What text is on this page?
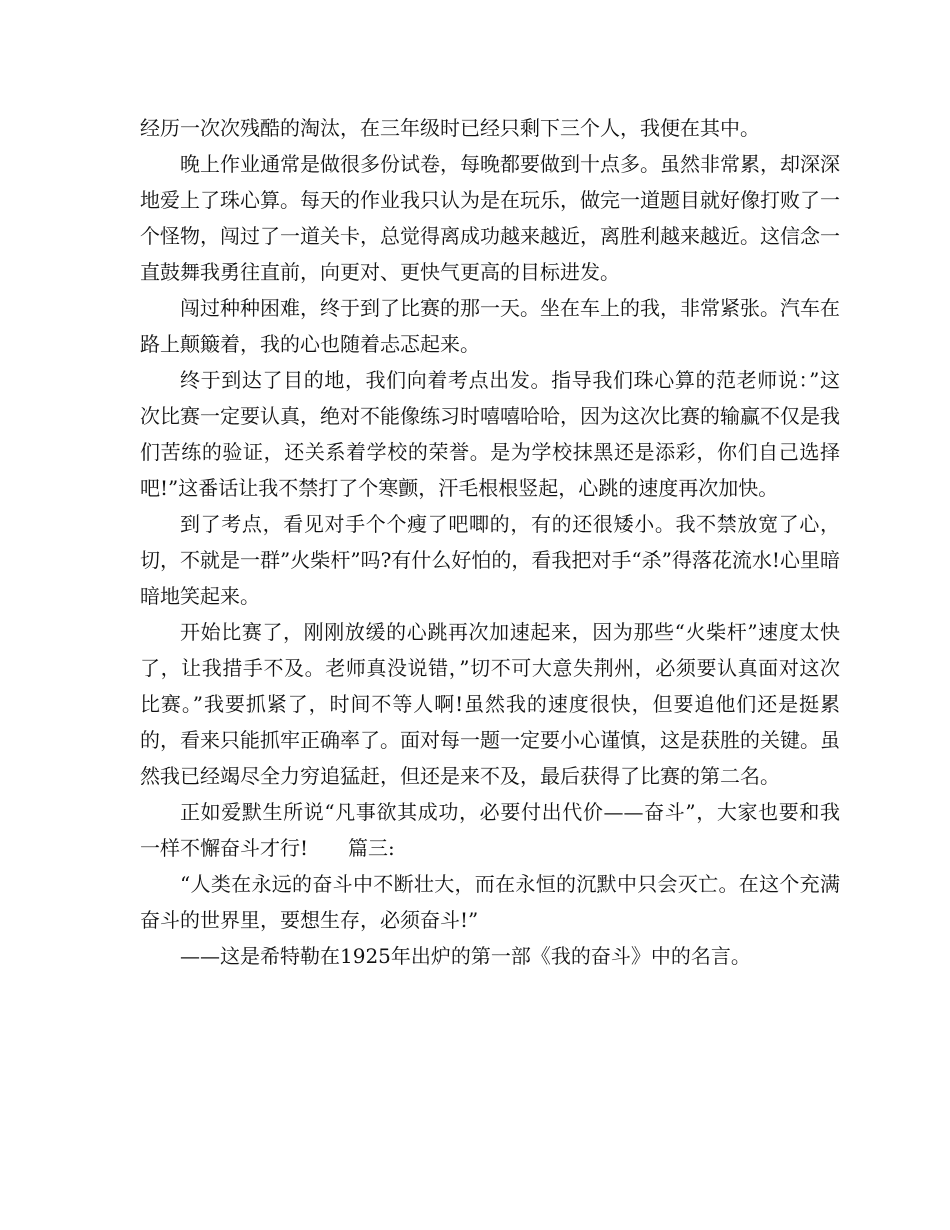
经历一次次残酷的淘汰，在三年级时已经只剩下三个人，我便在其中。

晚上作业通常是做很多份试卷，每晚都要做到十点多。虽然非常累，却深深地爱上了珠心算。每天的作业我只认为是在玩乐，做完一道题目就好像打败了一个怪物，闯过了一道关卡，总觉得离成功越来越近，离胜利越来越近。这信念一直鼓舞我勇往直前，向更对、更快气更高的目标进发。

闯过种种困难，终于到了比赛的那一天。坐在车上的我，非常紧张。汽车在路上颠簸着，我的心也随着忐忑起来。

终于到达了目的地，我们向着考点出发。指导我们珠心算的范老师说：”这次比赛一定要认真，绝对不能像练习时嘻嘻哈哈，因为这次比赛的输赢不仅是我们苦练的验证，还关系着学校的荣誉。是为学校抹黑还是添彩，你们自己选择吧!”这番话让我不禁打了个寒颤，汗毛根根竖起，心跳的速度再次加快。

到了考点，看见对手个个瘦了吧唧的，有的还很矮小。我不禁放宽了心，切，不就是一群”火柴杆”吗?有什么好怕的，看我把对手“杀”得落花流水!心里暗暗地笑起来。

开始比赛了，刚刚放缓的心跳再次加速起来，因为那些“火柴杆”速度太快了，让我措手不及。老师真没说错，”切不可大意失荆州，必须要认真面对这次比赛。”我要抓紧了，时间不等人啊!虽然我的速度很快，但要追他们还是挺累的，看来只能抓牢正确率了。面对每一题一定要小心谨慎，这是获胜的关键。虽然我已经竭尽全力穷追猛赶，但还是来不及，最后获得了比赛的第二名。

正如爱默生所说“凡事欲其成功，必要付出代价——奋斗”，大家也要和我一样不懈奋斗才行! 篇三:

“人类在永远的奋斗中不断壮大，而在永恒的沉默中只会灭亡。在这个充满奋斗的世界里，要想生存，必须奋斗!”

——这是希特勒在1925年出炉的第一部《我的奋斗》中的名言。
